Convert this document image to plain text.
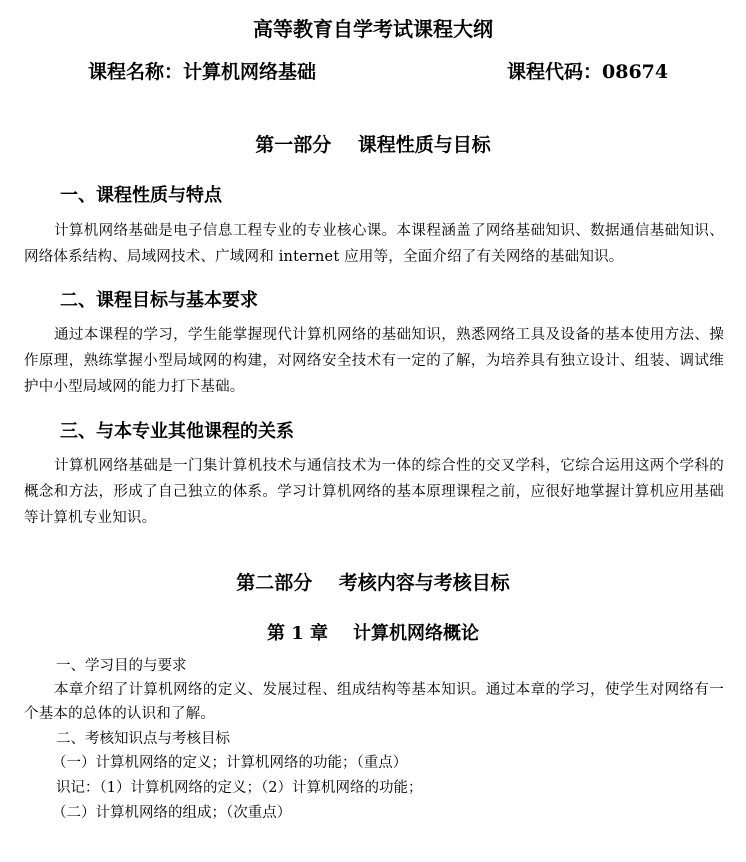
高等教育自学考试课程大纲
课程名称：计算机网络基础	课程代码：08674
第一部分    课程性质与目标
一、课程性质与特点
计算机网络基础是电子信息工程专业的专业核心课。本课程涵盖了网络基础知识、数据通信基础知识、网络体系结构、局域网技术、广域网和 internet 应用等，全面介绍了有关网络的基础知识。
二、课程目标与基本要求
通过本课程的学习，学生能掌握现代计算机网络的基础知识，熟悉网络工具及设备的基本使用方法、操作原理，熟练掌握小型局域网的构建，对网络安全技术有一定的了解，为培养具有独立设计、组装、调试维护中小型局域网的能力打下基础。
三、与本专业其他课程的关系
计算机网络基础是一门集计算机技术与通信技术为一体的综合性的交叉学科，它综合运用这两个学科的概念和方法，形成了自己独立的体系。学习计算机网络的基本原理课程之前，应很好地掌握计算机应用基础等计算机专业知识。
第二部分    考核内容与考核目标
第 1 章    计算机网络概论
一、学习目的与要求
本章介绍了计算机网络的定义、发展过程、组成结构等基本知识。通过本章的学习，使学生对网络有一个基本的总体的认识和了解。
二、考核知识点与考核目标
（一）计算机网络的定义；计算机网络的功能；（重点）
识记：（1）计算机网络的定义；（2）计算机网络的功能；
（二）计算机网络的组成；（次重点）
